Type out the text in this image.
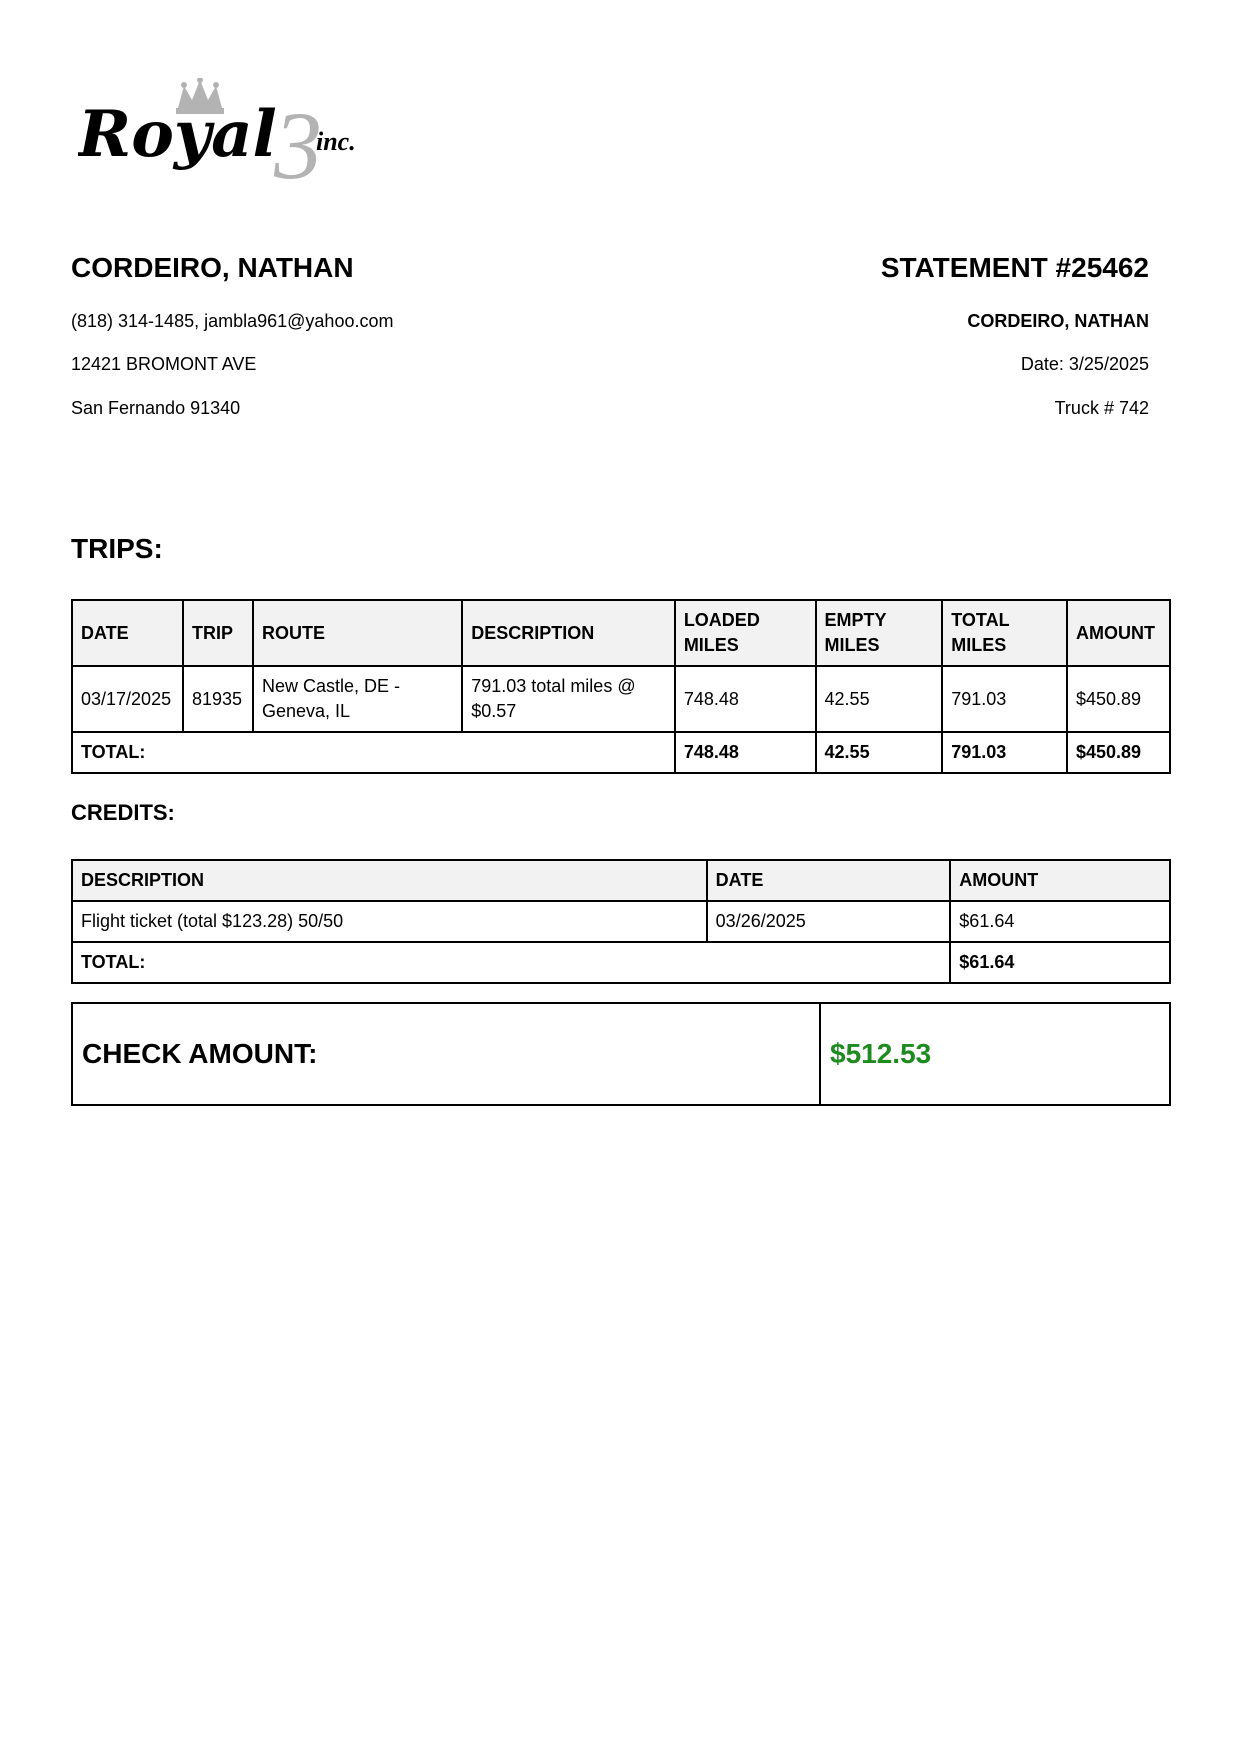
3
Royal inc.
CORDEIRO, NATHAN
(818) 314-1485, jambla961@yahoo.com
12421 BROMONT AVE
San Fernando 91340
STATEMENT #25462
CORDEIRO, NATHAN
Date: 3/25/2025
Truck # 742
TRIPS:
DATE	TRIP	ROUTE	DESCRIPTION	LOADED MILES	EMPTY MILES	TOTAL MILES	AMOUNT
03/17/2025	81935	New Castle, DE - Geneva, IL	791.03 total miles @ $0.57	748.48	42.55	791.03	$450.89
TOTAL:				748.48	42.55	791.03	$450.89
CREDITS:
DESCRIPTION	DATE	AMOUNT
Flight ticket (total $123.28) 50/50	03/26/2025	$61.64
TOTAL:		$61.64
CHECK AMOUNT:	$512.53
